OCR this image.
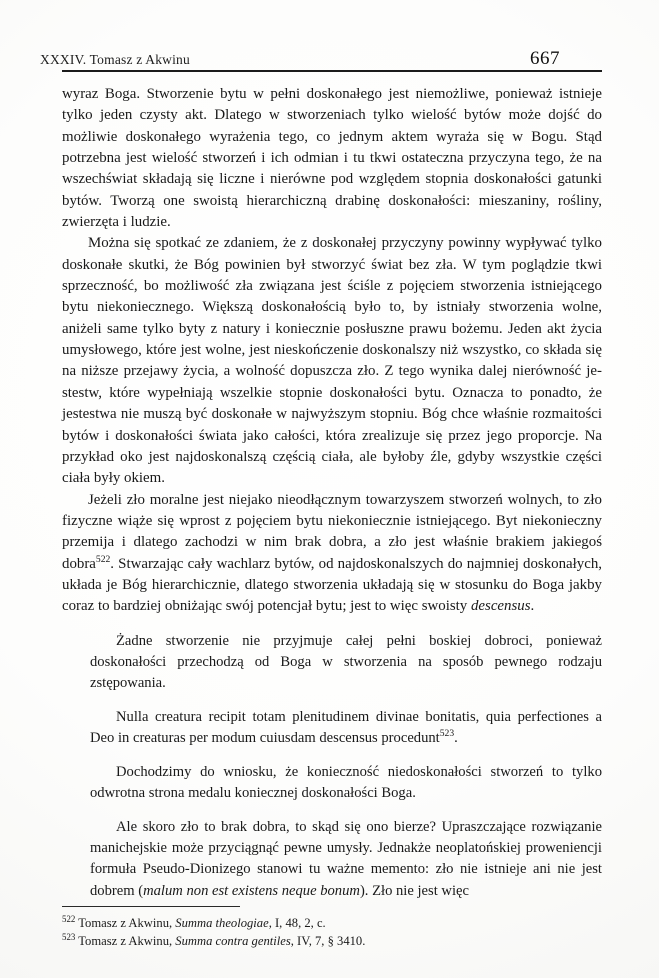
XXXIV. Tomasz z Akwinu	667

wyraz Boga. Stworzenie bytu w pełni doskonałego jest niemożliwe, ponieważ istnieje tylko jeden czysty akt. Dlatego w stworzeniach tylko wielość bytów może dojść do możliwie doskonałego wyrażenia tego, co jednym aktem wyraża się w Bogu. Stąd potrzebna jest wielość stworzeń i ich odmian i tu tkwi ostateczna przyczyna tego, że na wszechświat składają się liczne i nierówne pod względem stopnia doskonałości gatunki bytów. Tworzą one swoistą hierarchiczną drabinę doskonałości: mieszaniny, rośliny, zwierzęta i ludzie.

Można się spotkać ze zdaniem, że z doskonałej przyczyny powinny wypływać tylko doskonałe skutki, że Bóg powinien był stworzyć świat bez zła. W tym poglądzie tkwi sprzeczność, bo możliwość zła związana jest ściśle z pojęciem stworzenia istniejącego bytu niekoniecznego. Większą doskonałością było to, by istniały stworzenia wolne, aniżeli same tylko byty z natury i koniecznie posłuszne prawu bożemu. Jeden akt życia umysłowego, które jest wolne, jest nieskończenie doskonalszy niż wszystko, co składa się na niższe przejawy życia, a wolność dopuszcza zło. Z tego wynika dalej nierówność jestestw, które wypełniają wszelkie stopnie doskonałości bytu. Oznacza to ponadto, że jestestwa nie muszą być doskonałe w najwyższym stopniu. Bóg chce właśnie rozmaitości bytów i doskonałości świata jako całości, która zrealizuje się przez jego proporcje. Na przykład oko jest najdoskonalszą częścią ciała, ale byłoby źle, gdyby wszystkie części ciała były okiem.

Jeżeli zło moralne jest niejako nieodłącznym towarzyszem stworzeń wolnych, to zło fizyczne wiąże się wprost z pojęciem bytu niekoniecznie istniejącego. Byt niekonieczny przemija i dlatego zachodzi w nim brak dobra, a zło jest właśnie brakiem jakiegoś dobra$^{522}$. Stwarzając cały wachlarz bytów, od najdoskonalszych do najmniej doskonałych, układa je Bóg hierarchicznie, dlatego stworzenia układają się w stosunku do Boga jakby coraz to bardziej obniżając swój potencjał bytu; jest to więc swoisty descensus.

Żadne stworzenie nie przyjmuje całej pełni boskiej dobroci, ponieważ doskonałości przechodzą od Boga w stworzenia na sposób pewnego rodzaju zstępowania.

Nulla creatura recipit totam plenitudinem divinae bonitatis, quia perfectiones a Deo in creaturas per modum cuiusdam descensus procedunt$^{523}$.

Dochodzimy do wniosku, że konieczność niedoskonałości stworzeń to tylko odwrotna strona medalu koniecznej doskonałości Boga.

Ale skoro zło to brak dobra, to skąd się ono bierze? Upraszczające rozwiązanie manichejskie może przyciągnąć pewne umysły. Jednakże neoplatońskiej proweniencji formuła Pseudo-Dionizego stanowi tu ważne memento: zło nie istnieje ani nie jest dobrem (malum non est existens neque bonum). Zło nie jest więc

$^{522}$ Tomasz z Akwinu, Summa theologiae, I, 48, 2, c.

$^{523}$ Tomasz z Akwinu, Summa contra gentiles, IV, 7, § 3410.
